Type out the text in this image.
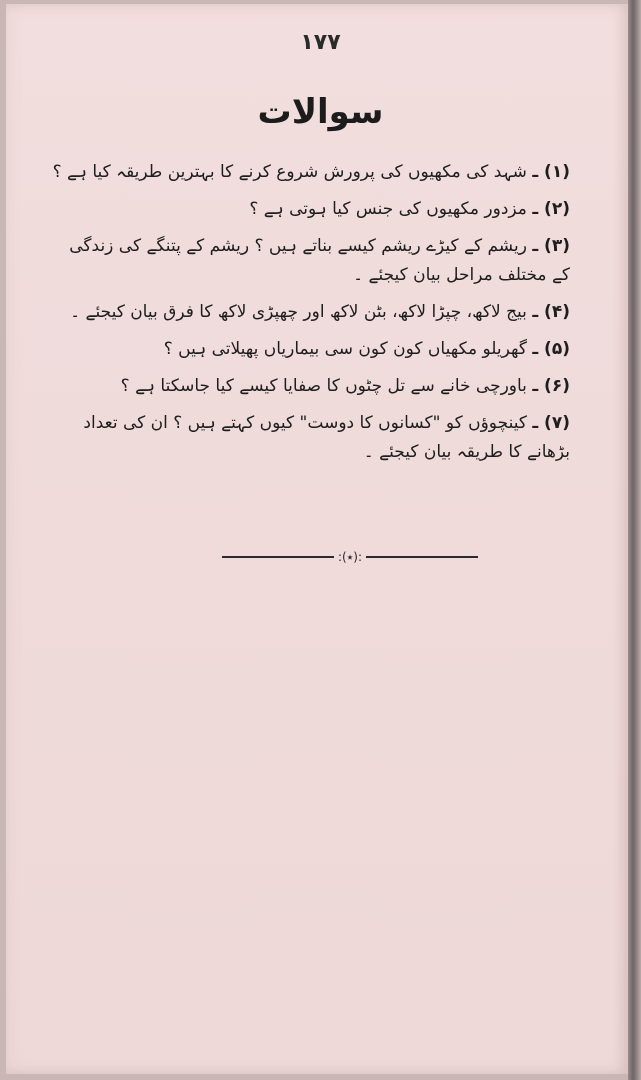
۱۷۷
سوالات

(۱) ـ شہد کی مکھیوں کی پرورش شروع کرنے کا بہترین طریقہ کیا ہے ؟

(۲) ـ مزدور مکھیوں کی جنس کیا ہوتی ہے ؟

(۳) ـ ریشم کے کیڑے ریشم کیسے بناتے ہیں ؟ ریشم کے پتنگے کی زندگی کے مختلف مراحل بیان کیجئے ۔

(۴) ـ بیج لاکھ، چپڑا لاکھ، بٹن لاکھ اور چھپڑی لاکھ کا فرق بیان کیجئے ۔

(۵) ـ گھریلو مکھیاں کون کون سی بیماریاں پھیلاتی ہیں ؟

(۶) ـ باورچی خانے سے تل چٹوں کا صفایا کیسے کیا جاسکتا ہے ؟

(۷) ـ کینچوؤں کو "کسانوں کا دوست" کیوں کہتے ہیں ؟ ان کی تعداد بڑھانے کا طریقہ بیان کیجئے ۔

:(٭):
